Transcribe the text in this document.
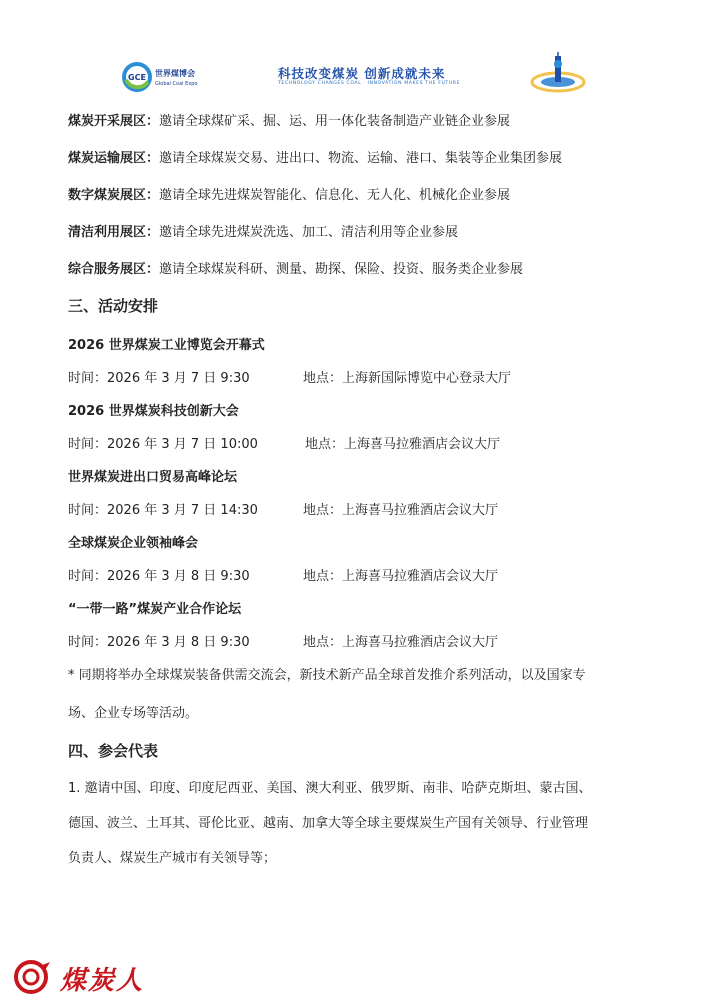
GCE 世界煤博会
Global Coal Expo
科技改变煤炭 创新成就未来
TECHNOLOGY CHANGES COAL · INNOVATION MAKES THE FUTURE
煤炭开采展区：邀请全球煤矿采、掘、运、用一体化装备制造产业链企业参展
煤炭运输展区：邀请全球煤炭交易、进出口、物流、运输、港口、集装等企业集团参展
数字煤炭展区：邀请全球先进煤炭智能化、信息化、无人化、机械化企业参展
清洁利用展区：邀请全球先进煤炭洗选、加工、清洁利用等企业参展
综合服务展区：邀请全球煤炭科研、测量、勘探、保险、投资、服务类企业参展
三、活动安排
2026 世界煤炭工业博览会开幕式
时间：2026 年 3 月 7 日 9:30	地点：上海新国际博览中心登录大厅
2026 世界煤炭科技创新大会
时间：2026 年 3 月 7 日 10:00	地点：上海喜马拉雅酒店会议大厅
世界煤炭进出口贸易高峰论坛
时间：2026 年 3 月 7 日 14:30	地点：上海喜马拉雅酒店会议大厅
全球煤炭企业领袖峰会
时间：2026 年 3 月 8 日 9:30	地点：上海喜马拉雅酒店会议大厅
“一带一路”煤炭产业合作论坛
时间：2026 年 3 月 8 日 9:30	地点：上海喜马拉雅酒店会议大厅
* 同期将举办全球煤炭装备供需交流会，新技术新产品全球首发推介系列活动，以及国家专
场、企业专场等活动。
四、参会代表
1. 邀请中国、印度、印度尼西亚、美国、澳大利亚、俄罗斯、南非、哈萨克斯坦、蒙古国、
德国、波兰、土耳其、哥伦比亚、越南、加拿大等全球主要煤炭生产国有关领导、行业管理
负责人、煤炭生产城市有关领导等；
煤炭人
